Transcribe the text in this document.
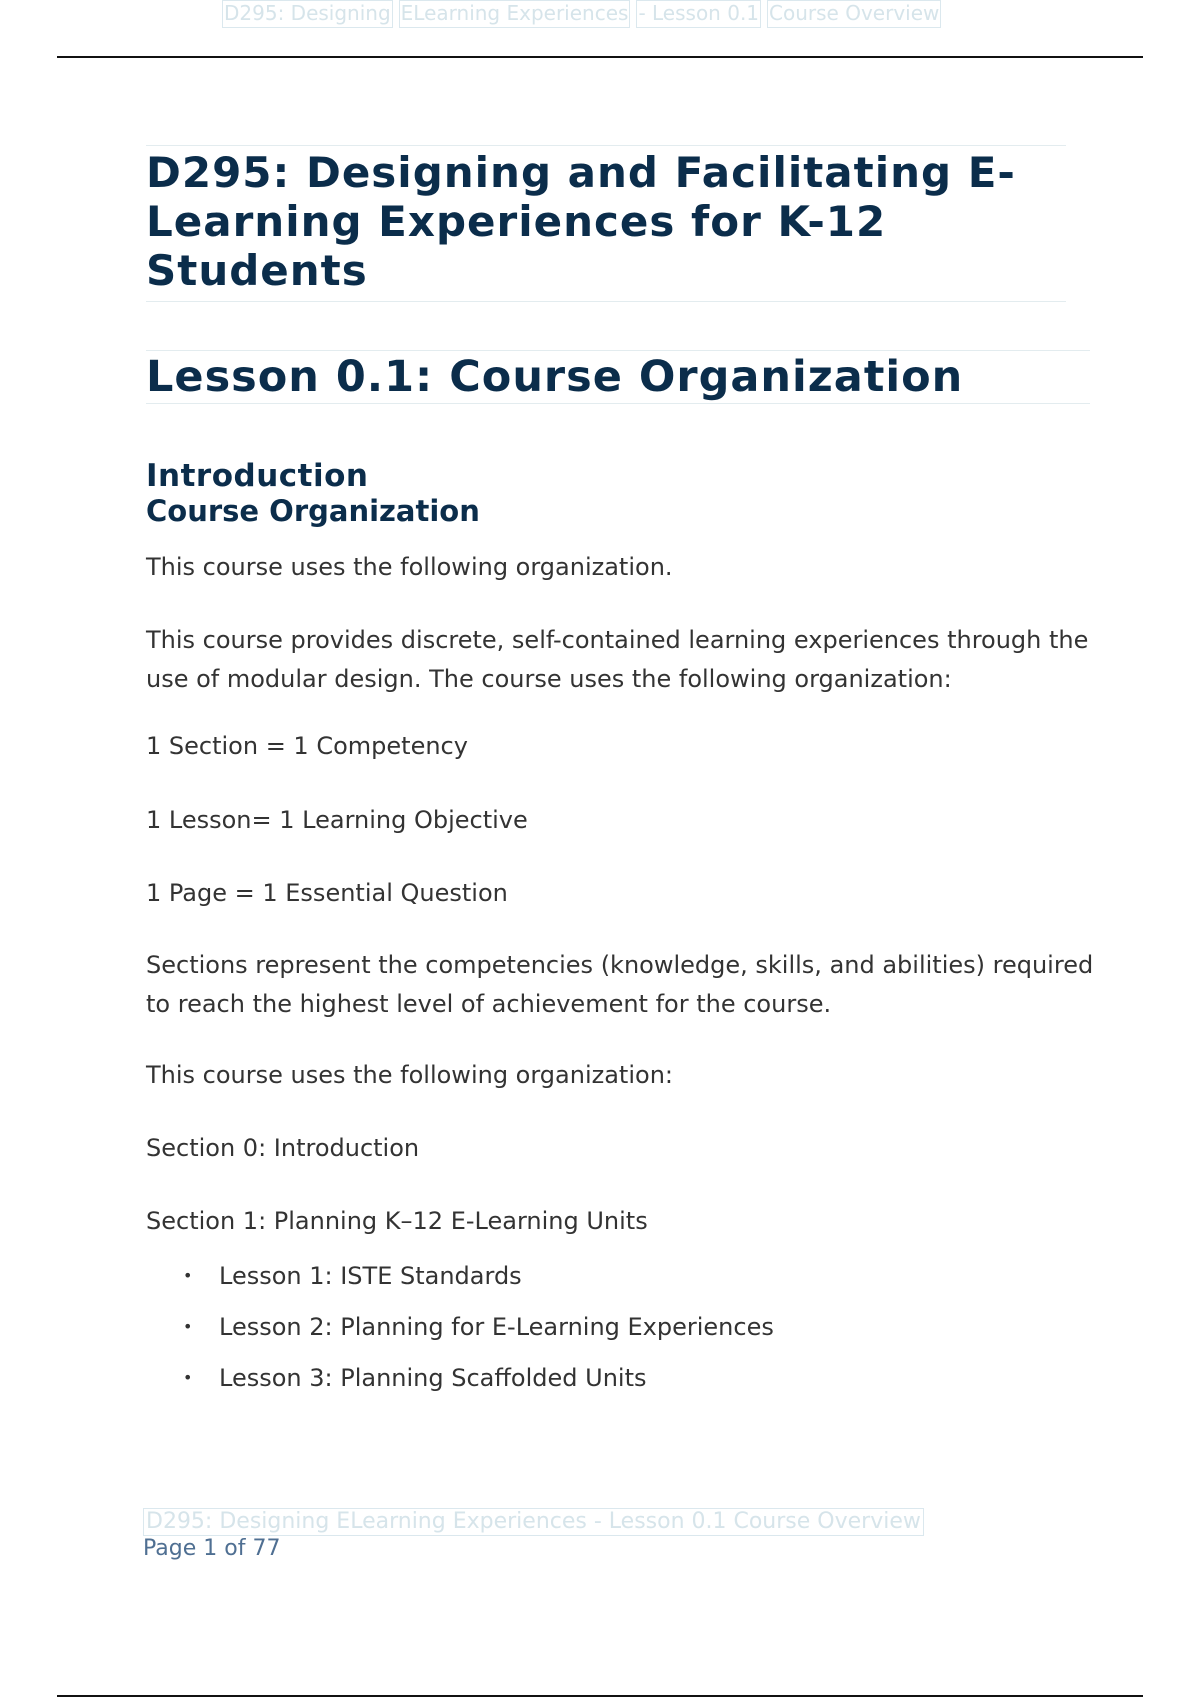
D295: Designing ELearning Experiences - Lesson 0.1 Course Overview
D295: Designing and Facilitating E- Learning Experiences for K-12 Students
Lesson 0.1: Course Organization
Introduction
Course Organization

This course uses the following organization.

This course provides discrete, self-contained learning experiences through the use of modular design. The course uses the following organization:

1 Section = 1 Competency

1 Lesson= 1 Learning Objective

1 Page = 1 Essential Question

Sections represent the competencies (knowledge, skills, and abilities) required to reach the highest level of achievement for the course.

This course uses the following organization:

Section 0: Introduction

Section 1: Planning K–12 E-Learning Units

•	Lesson 1: ISTE Standards
•	Lesson 2: Planning for E-Learning Experiences
•	Lesson 3: Planning Scaffolded Units
D295: Designing ELearning Experiences - Lesson 0.1 Course Overview
Page 1 of 77
